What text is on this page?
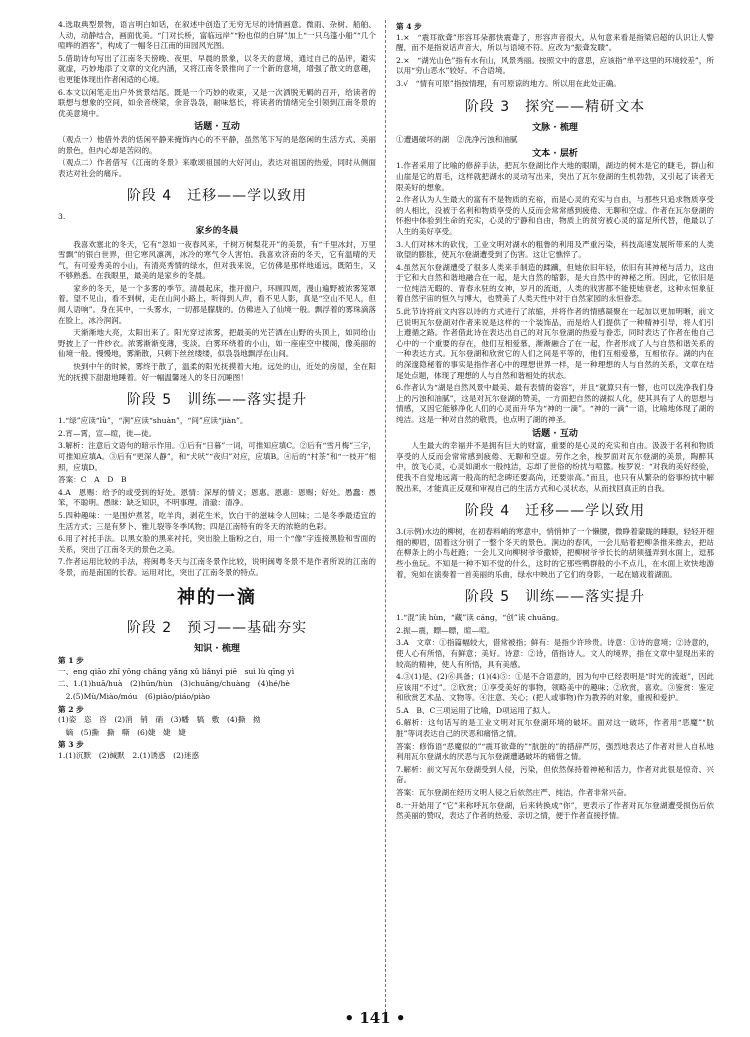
4.选取典型景物，语言明白如话，在叙述中创造了无穷无尽的诗情画意。微雨、杂树、船舶、人动，动静结合，画面优美。“门对长桥，富临远岸”“粉也似的白屏”加上“一只乌篷小船”“几个喧哗的酒客”，构成了一幅冬日江南的田园风光图。

5.借助诗句写出了江南冬天傍晚、夜里、早晨的景象，以冬天的意境，通过自己的品评，避实就虚，巧妙地添了文章的文化内涵，又将江南冬景推向了一个新的意境，增强了散文的意趣，也更能体现出作者闲适的心境。

6.本文以闲笔走出户外赏景结尾。既是一个巧妙的收束，又是一次洒脱无羁的召开，给读者的联想与想象的空间，如余音绕梁，余音袅袅，耐味悠长，将读者的情绪完全引领到江南冬景的优美意境中。

话题 · 互动

（观点一）他借外表的恬闲平静来掩饰内心的不平静，虽然笔下写的是悠闲的生活方式、美丽的景色，但内心却是苦闷的。

（观点二）作者借写《江南的冬景》来歌颂祖国的大好河山，表达对祖国的热爱，同时从侧面表达对社会的痛斥。

阶段 4　迁移——学以致用

3.

家乡的冬晨

我喜欢塞北的冬天，它有“忽如一夜春风来，千树万树梨花开”的美景，有“千里冰封，万里雪飘”的银白世界，但它寒风凛冽，冰冷的寒气令人害怕。我喜欢济南的冬天，它有温晴的天气，有可爱秀美的小山，有清亮秀情的绿水，但对我来说，它仿佛是那样地遥远，既陌生，又不够熟悉。在我眼里，最美的是家乡的冬晨。

家乡的冬天，是一个多雾的季节。清晨起床，推开窗户，环顾四周，漫山遍野被浓雾笼罩着。望不见山，看不到树，走在山间小路上，听得到人声，看不见人影，真是“空山不见人，但闻人语响”。身在其中，一头雾水，一切都是朦胧的。仿佛进入了仙境一般。飘浮着的雾珠滴落在脸上，冰冷润润。

天渐渐地大亮，太阳出来了。阳光穿过浓雾，把最美的光芒洒在山野的头顶上，如同给山野披上了一件纱衣。浓雾渐渐变薄，变淡。白雾环绕着的小山，如一座座空中楼阁，像美丽的仙境一般。慢慢地，雾渐散，只剩下丝丝缕缕，似袅袅地飘浮在山间。

快到中午的时候，雾终于散了，温柔的阳光抚摸着大地。远处的山，近处的房屋，全在阳光的抚摸下甜甜地睡着。好一幅温馨迷人的冬日沉睡图！

阶段 5　训练——落实提升

1.“绿”应读“lǜ”，“涧”应读“shuàn”，“间”应读“jiàn”。

2.宵—霄，宣—暄，徙—徒。

3.解析：注意后文语句的暗示作用。①后有“日暮”一词，可推知应填C。②后有“雪月梅”三字，可推知应填A。③后有“更深人静”，和“犬吠”“夜归”对应，应填B。④后的“村茶”和“一枝开”相照，应填D。

答案：C　A　D　B

4.A　恩赐：给予的或受到的好处。恩情：深厚的情义；恩惠。恩惠：恩赐；好处。愚蠢：愚笨，不聪明。愚昧：缺乏知识，不明事理。清澈：清净。

5.四种趣味：一是围炉煮茗，吃羊肉，剥花生米，饮白干的滋味令人回味；二是冬季最适宜的生活方式；三是有梦卜、雅儿裂等冬季风物；四是江南特有的冬天的浓艳的色彩。

6.用了衬托手法。以黑女脸的黑来衬托，突出脸上脂粉之白，用一个“像”字连接黑脸和雪面的关系，突出了江南冬天的景色之美。

7.作者运用比较的手法，将闽粤冬天与江南冬景作比较，说明闽粤冬景不是作者所说的江南的冬景，而是南国的长春。运用对比，突出了江南冬景的特点。

神的一滴
阶段 2　预习——基础夯实
知识 · 梳理
第 1 步

一、eng qiāo zhǐ yǒng chāng yǎng xǔ liǎnyì piē　suì lù qīng yì

二、1.(1)huā/huà　(2)hūn/hùn　(3)chuāng/chuàng　(4)hé/hè

　2.(5)Mù/Miào/móu　(6)piāo/piáo/piào

第 2 步

(1)姿　恣　咨　(2)消　销　硝　(3)幡　犒　敷　(4)撕　拗

　嫡　(5)撕　撕　嘶　(6)婕　婕　婕

第 3 步

1.(1)沉默　(2)缄默　2.(1)诱惑　(2)迷惑

第 4 步

1.×　“震耳欲聋”形容耳朵都快震聋了，形容声音很大。从句意来看是指梁启超的认识让人警醒，而不是指说话声音大，所以与语境不符。应改为“振聋发聩”。

2.×　“湖光山色”指有水有山，风景秀丽。按照文中的意思，应该指“单平这里的环境较差”，所以用“穷山恶水”较好。不合语境。

3.√　“情有可原”指按情理，有可原谅的地方。所以用在此处正确。

阶段 3　探究——精研文本
文脉 · 梳理

①遭遇破坏的湖　②洗净污浊和油腻

文本 · 层析

1.作者采用了比喻的修辞手法，把瓦尔登湖比作大地的眼睛，湖边的树木是它的睫毛，群山和山崖是它的眉毛，这样就把湖水的灵动写出来，突出了瓦尔登湖的生机勃勃，又引起了读者无限美好的想象。

2.作者认为人生最大的富有不是物质的充裕，而是心灵的充实与自由，与那些只追求物质享受的人相比，没被于名利和物质享受的人反而会常常感到疲倦、无聊和空虚。作者在瓦尔登湖的怀抱中体验到生命的充实，心灵的宁静和自由，物质上的贫穷被心灵的富足所代替，他最以了人生的美好享受。

3.人们对林木的砍伐，工业文明对湖水的粗鲁的利用及严重污染，科技高速发展所带来的人类欲望的膨胀，使瓦尔登湖遭受到了伤害。这让它憔悴了。

4.虽然瓦尔登湖遭受了很多人类来手制造的蹂躏，但她依旧年轻，依旧有其神秘与活力，这由于它和大自然和谐地融合在一起，是大自然的缩影，是大自然中的神秘之所。因此，它依旧是一位纯洁无暇的、青春永驻的女神，岁月的流逝，人类的戕害都不能使她衰老，这种永恒象征着自然宇宙的恒久与博大，也赞美了人类天性中对于自然家园的永恒眷恋。

5.此节诗将前文内容以诗的方式进行了浓缩，并将作者的情感凝聚在一起加以更加明晰，前文已说明瓦尔登湖对作者来说是这样的一个装饰品，而是给人们提供了一种精神引导，将人们引上遵循之路。作者借此诗在表达出自己的对瓦尔登湖的热爱与眷恋，同时表达了作者在他自己心中的一个重要的存在，他们互相爱慕，渐渐融合了在一起，作者形成了人与自然和谐关系的一种表达方式。瓦尔登湖和欣赏它的人们之间是平等的，他们互相爱慕，互相依存。湖的内在的深邃隐秘着的事实是指作者心中的理想世界一样，是一种理想的人与自然的关系，文章在结尾处点题，体现了理想的人与自然和谐相处的状态。

6.作者认为“湖是自然风景中最美、最有表情的姿容”，并且“就算只有一瞥，也可以洗净我们身上的污浊和油腻”，这是对瓦尔登湖的赞美，一方面把自然的湖拟人化，使其具有了人的思想与情感，又因它能够净化人们的心灵而升华为“神的一滴”。“神的一滴”一语，比喻地体现了湖的纯洁。这是一种对自然的敬畏，也点明了湖的神圣。

话题 · 互动

人生最大的幸福并不是拥有巨大的财富，重要的是心灵的充实和自由。汲汲于名利和物质享受的人反而会常常感到疲倦、无聊和空虚。劳作之余，梭罗面对瓦尔登湖的美景，陶醉其中，放飞心灵，心灵如湖水一般纯洁，忘却了世俗的纷扰与喧嚣。梭罗说：“对我的美好经验，使我不自觉地远离一般高的纪念碑还要高尚，还要崇高。”而且，也只有从繁杂的俗事纷扰中解脱出来，才能真正反观和审视自己的生活方式和心灵状态，从而找回真正的自我。

阶段 4　迁移——学以致用

3.(示例)水边的柳树，在初春料峭的寒意中，悄悄伸了一个懒腰，微睁着蒙眬的睡眼，轻轻开细细的柳眉，固着这分别了一整个冬天的景色。涧边的春风，一会儿贴着把柳条推来推去，把站在柳条上的小鸟赶跑；一会儿又向柳树爷爷撒娇，把柳树爷爷长长的胡须搔弄到水面上，逗那些小鱼玩。不知是一种不知不觉的什么，这时的它那些鸭群般的小不点儿，在水面上欢快地游着，宛如在演奏着一首美丽的乐曲，绿水中映出了它们的身影，一起在嬉戏着湖面。

阶段 5　训练——落实提升

1.“混”读 hùn，“藏”读 cáng，“创”读 chuāng。

2.振—震，瞟—瞟，暄—喧。

3.A　文章：①指篇幅较大，借常被指；鲜有：是指少许珍贵。诗意：①诗的意境；②诗意的，使人心有所悟，有鲜意；美好。诗意：②诗，借指诗人。文人的境界，指在文章中显现出来的较高的精神，使人有所悟，具有美感。

4.③(1)是、(2)⑥具备；(1)(4)⑤：①是不合语意的，因为句中已经表明是“时光的流逝”，因此应该用“不过”。②欣赏；①享受美好的事物，领略美中的趣味；②欣赏，喜欢。③鉴赏：鉴定和欣赏艺术品、文物等。④注意、关心；(把人或事物)作为教养的对象，重视和爱护。

5.A　B、C三项运用了比喻，D项运用了拟人。

6.解析：这句话写的是工业文明对瓦尔登湖环境的破坏。面对这一破坏，作者用“恶魔”“肮脏”等词表达自己的厌恶和痛惜之情。

答案：修饰语“恶魔似的”“震耳欲聋的”“肮脏的”的措辞严厉，强烈地表达了作者对世人自私地利用瓦尔登湖水的厌恶与瓦尔登湖遭遇破坏的痛惜之情。

7.解析：前文写瓦尔登湖受到人侵，污染，但依然保持着神秘和活力，作者对此很是惊奇、兴奋。

答案：瓦尔登湖在经历文明人侵之后依然庄严、纯洁，作者非常兴奋。

8.一开始用了“它”来称呼瓦尔登湖，后来转换成“你”，更表示了作者对瓦尔登湖遭受损伤后依然美丽的赞叹，表达了作者的热爱、亲切之情，便于作者直接抒情。

• 141 •
